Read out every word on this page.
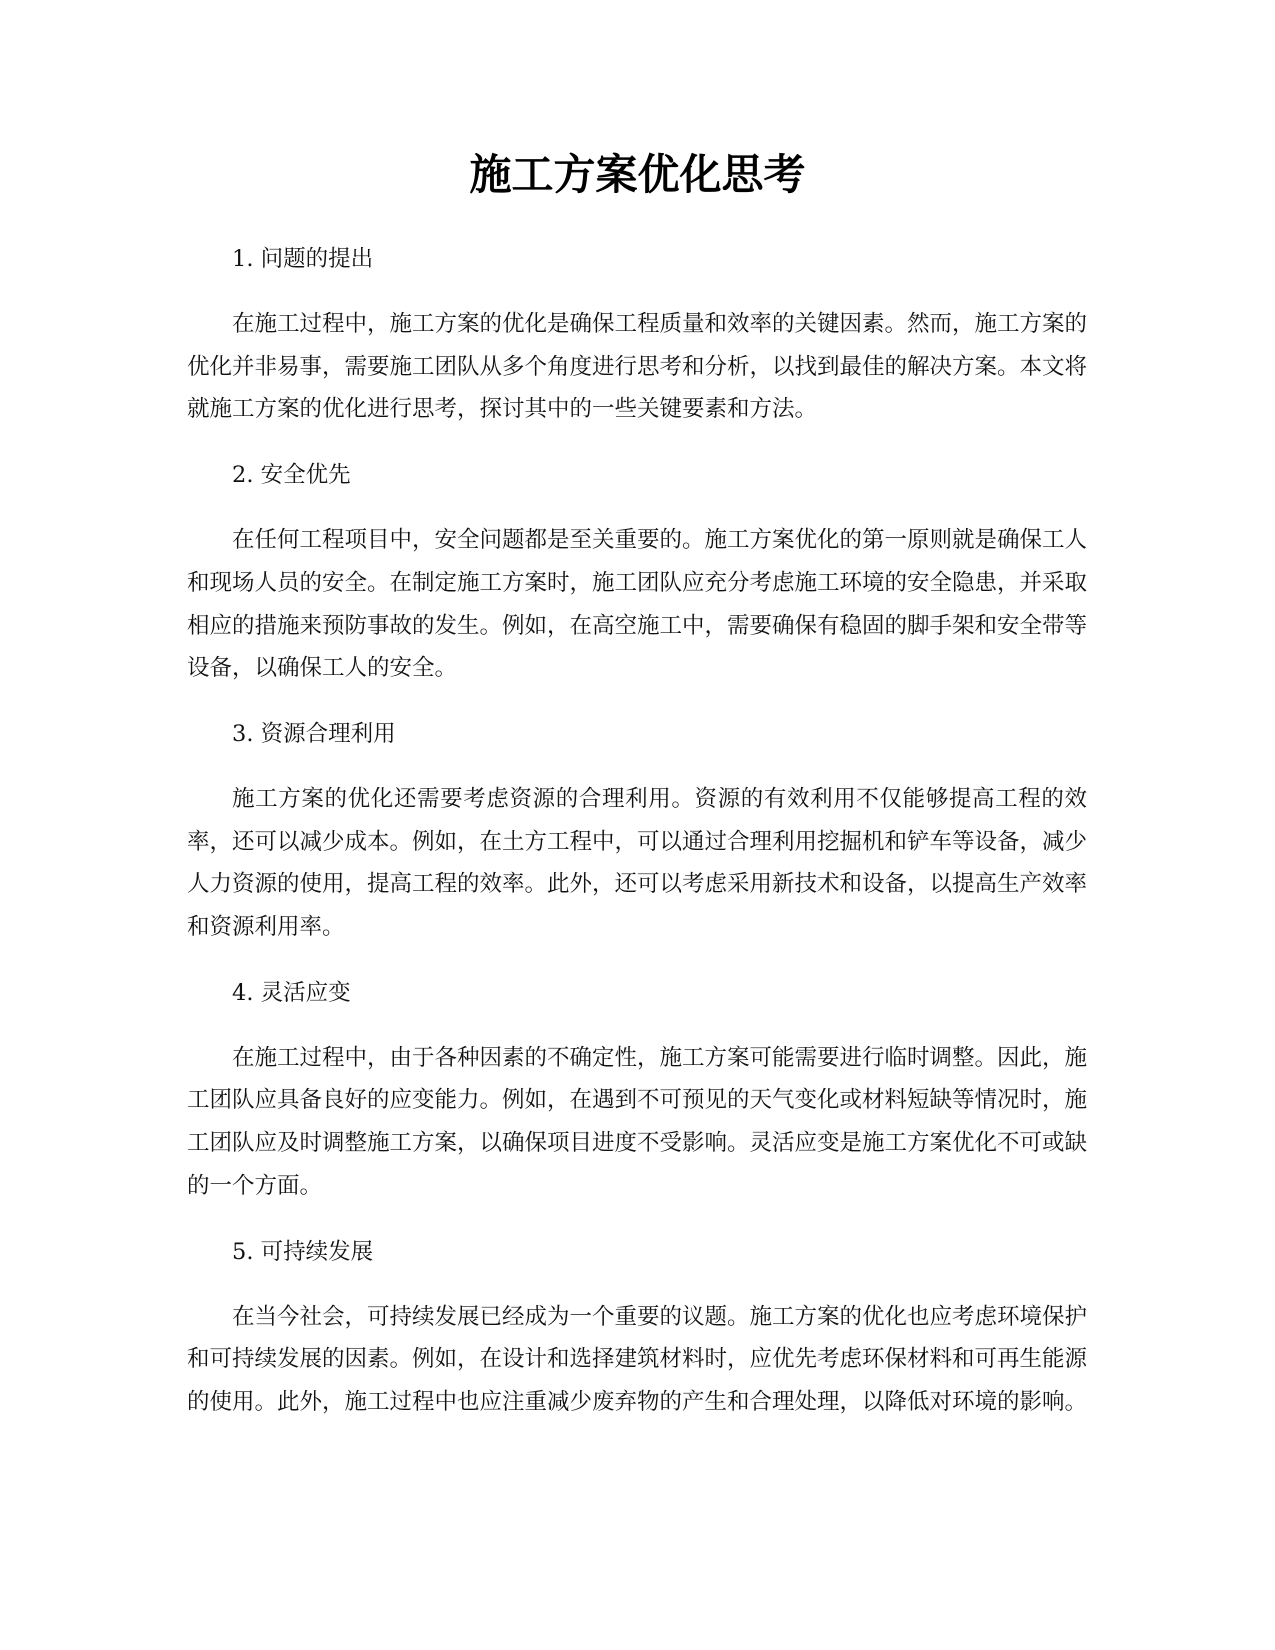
施工方案优化思考

1. 问题的提出

在施工过程中，施工方案的优化是确保工程质量和效率的关键因素。然而，施工方案的优化并非易事，需要施工团队从多个角度进行思考和分析，以找到最佳的解决方案。本文将就施工方案的优化进行思考，探讨其中的一些关键要素和方法。

2. 安全优先

在任何工程项目中，安全问题都是至关重要的。施工方案优化的第一原则就是确保工人和现场人员的安全。在制定施工方案时，施工团队应充分考虑施工环境的安全隐患，并采取相应的措施来预防事故的发生。例如，在高空施工中，需要确保有稳固的脚手架和安全带等设备，以确保工人的安全。

3. 资源合理利用

施工方案的优化还需要考虑资源的合理利用。资源的有效利用不仅能够提高工程的效率，还可以减少成本。例如，在土方工程中，可以通过合理利用挖掘机和铲车等设备，减少人力资源的使用，提高工程的效率。此外，还可以考虑采用新技术和设备，以提高生产效率和资源利用率。

4. 灵活应变

在施工过程中，由于各种因素的不确定性，施工方案可能需要进行临时调整。因此，施工团队应具备良好的应变能力。例如，在遇到不可预见的天气变化或材料短缺等情况时，施工团队应及时调整施工方案，以确保项目进度不受影响。灵活应变是施工方案优化不可或缺的一个方面。

5. 可持续发展

在当今社会，可持续发展已经成为一个重要的议题。施工方案的优化也应考虑环境保护和可持续发展的因素。例如，在设计和选择建筑材料时，应优先考虑环保材料和可再生能源的使用。此外，施工过程中也应注重减少废弃物的产生和合理处理，以降低对环境的影响。
